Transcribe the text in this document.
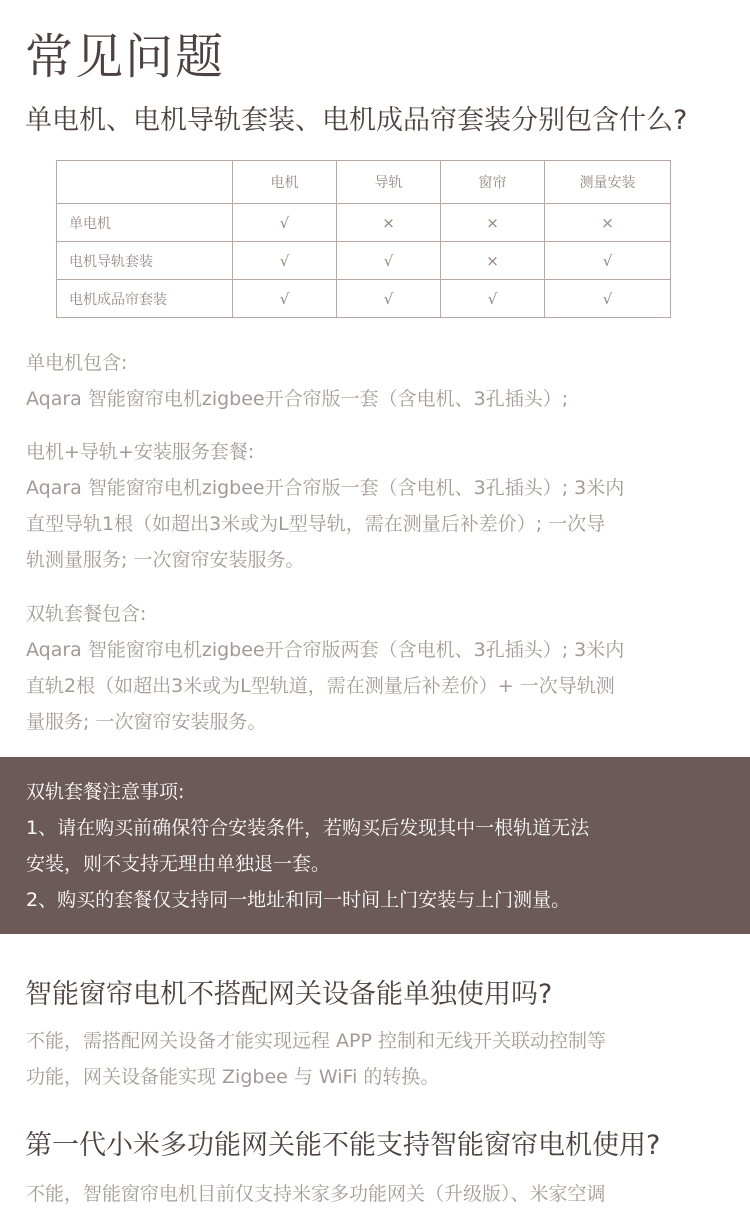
常见问题
单电机、电机导轨套装、电机成品帘套装分别包含什么?
	电机	导轨	窗帘	测量安装
单电机	√	×	×	×
电机导轨套装	√	√	×	√
电机成品帘套装	√	√	√	√

单电机包含:

Aqara 智能窗帘电机zigbee开合帘版一套（含电机、3孔插头）;

电机+导轨+安装服务套餐:

Aqara 智能窗帘电机zigbee开合帘版一套（含电机、3孔插头）; 3米内

直型导轨1根（如超出3米或为L型导轨，需在测量后补差价）; 一次导

轨测量服务; 一次窗帘安装服务。

双轨套餐包含:

Aqara 智能窗帘电机zigbee开合帘版两套（含电机、3孔插头）; 3米内

直轨2根（如超出3米或为L型轨道，需在测量后补差价）+ 一次导轨测

量服务; 一次窗帘安装服务。

双轨套餐注意事项:

1、请在购买前确保符合安装条件，若购买后发现其中一根轨道无法

安装，则不支持无理由单独退一套。

2、购买的套餐仅支持同一地址和同一时间上门安装与上门测量。

智能窗帘电机不搭配网关设备能单独使用吗?

不能，需搭配网关设备才能实现远程 APP 控制和无线开关联动控制等

功能，网关设备能实现 Zigbee 与 WiFi 的转换。

第一代小米多功能网关能不能支持智能窗帘电机使用?

不能，智能窗帘电机目前仅支持米家多功能网关（升级版）、米家空调
